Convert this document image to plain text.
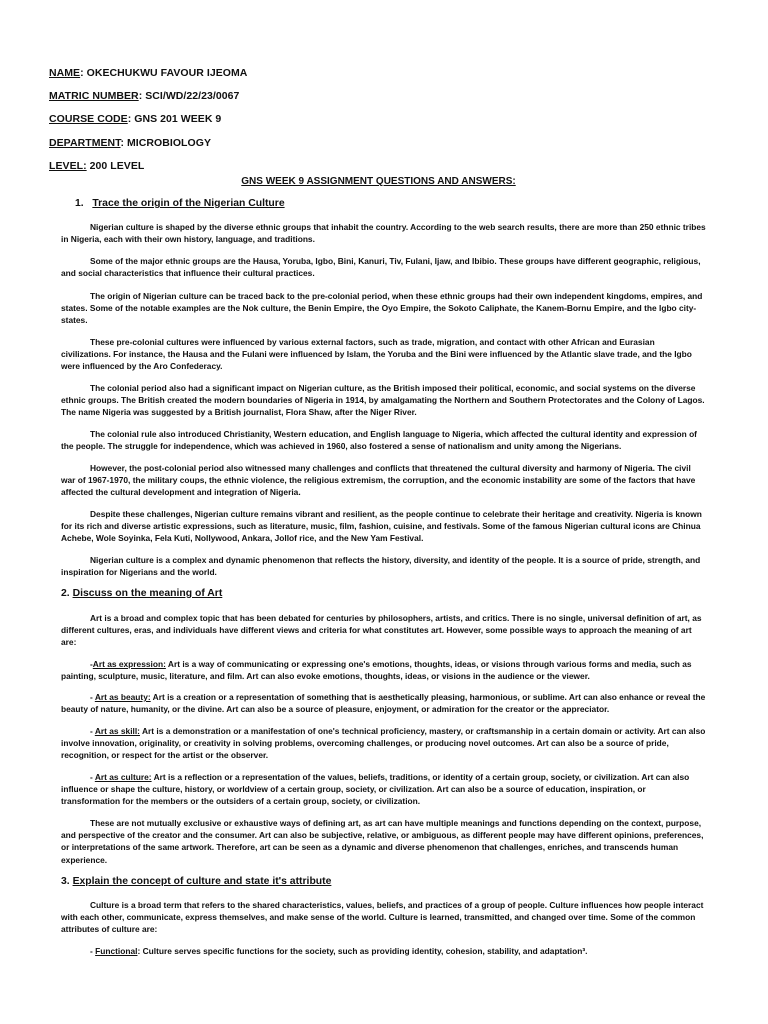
NAME: OKECHUKWU FAVOUR IJEOMA
MATRIC NUMBER: SCI/WD/22/23/0067
COURSE CODE: GNS 201 WEEK 9
DEPARTMENT: MICROBIOLOGY
LEVEL: 200 LEVEL
GNS WEEK 9 ASSIGNMENT QUESTIONS AND ANSWERS:
1. Trace the origin of the Nigerian Culture
Nigerian culture is shaped by the diverse ethnic groups that inhabit the country. According to the web search results, there are more than 250 ethnic tribes in Nigeria, each with their own history, language, and traditions.
Some of the major ethnic groups are the Hausa, Yoruba, Igbo, Bini, Kanuri, Tiv, Fulani, Ijaw, and Ibibio. These groups have different geographic, religious, and social characteristics that influence their cultural practices.
The origin of Nigerian culture can be traced back to the pre-colonial period, when these ethnic groups had their own independent kingdoms, empires, and states. Some of the notable examples are the Nok culture, the Benin Empire, the Oyo Empire, the Sokoto Caliphate, the Kanem-Bornu Empire, and the Igbo city-states.
These pre-colonial cultures were influenced by various external factors, such as trade, migration, and contact with other African and Eurasian civilizations. For instance, the Hausa and the Fulani were influenced by Islam, the Yoruba and the Bini were influenced by the Atlantic slave trade, and the Igbo were influenced by the Aro Confederacy.
The colonial period also had a significant impact on Nigerian culture, as the British imposed their political, economic, and social systems on the diverse ethnic groups. The British created the modern boundaries of Nigeria in 1914, by amalgamating the Northern and Southern Protectorates and the Colony of Lagos. The name Nigeria was suggested by a British journalist, Flora Shaw, after the Niger River.
The colonial rule also introduced Christianity, Western education, and English language to Nigeria, which affected the cultural identity and expression of the people. The struggle for independence, which was achieved in 1960, also fostered a sense of nationalism and unity among the Nigerians.
However, the post-colonial period also witnessed many challenges and conflicts that threatened the cultural diversity and harmony of Nigeria. The civil war of 1967-1970, the military coups, the ethnic violence, the religious extremism, the corruption, and the economic instability are some of the factors that have affected the cultural development and integration of Nigeria.
Despite these challenges, Nigerian culture remains vibrant and resilient, as the people continue to celebrate their heritage and creativity. Nigeria is known for its rich and diverse artistic expressions, such as literature, music, film, fashion, cuisine, and festivals. Some of the famous Nigerian cultural icons are Chinua Achebe, Wole Soyinka, Fela Kuti, Nollywood, Ankara, Jollof rice, and the New Yam Festival.
Nigerian culture is a complex and dynamic phenomenon that reflects the history, diversity, and identity of the people. It is a source of pride, strength, and inspiration for Nigerians and the world.
2. Discuss on the meaning of Art
Art is a broad and complex topic that has been debated for centuries by philosophers, artists, and critics. There is no single, universal definition of art, as different cultures, eras, and individuals have different views and criteria for what constitutes art. However, some possible ways to approach the meaning of art are:
-Art as expression: Art is a way of communicating or expressing one's emotions, thoughts, ideas, or visions through various forms and media, such as painting, sculpture, music, literature, and film. Art can also evoke emotions, thoughts, ideas, or visions in the audience or the viewer.
- Art as beauty: Art is a creation or a representation of something that is aesthetically pleasing, harmonious, or sublime. Art can also enhance or reveal the beauty of nature, humanity, or the divine. Art can also be a source of pleasure, enjoyment, or admiration for the creator or the appreciator.
- Art as skill: Art is a demonstration or a manifestation of one's technical proficiency, mastery, or craftsmanship in a certain domain or activity. Art can also involve innovation, originality, or creativity in solving problems, overcoming challenges, or producing novel outcomes. Art can also be a source of pride, recognition, or respect for the artist or the observer.
- Art as culture: Art is a reflection or a representation of the values, beliefs, traditions, or identity of a certain group, society, or civilization. Art can also influence or shape the culture, history, or worldview of a certain group, society, or civilization. Art can also be a source of education, inspiration, or transformation for the members or the outsiders of a certain group, society, or civilization.
These are not mutually exclusive or exhaustive ways of defining art, as art can have multiple meanings and functions depending on the context, purpose, and perspective of the creator and the consumer. Art can also be subjective, relative, or ambiguous, as different people may have different opinions, preferences, or interpretations of the same artwork. Therefore, art can be seen as a dynamic and diverse phenomenon that challenges, enriches, and transcends human experience.
3. Explain the concept of culture and state it's attribute
Culture is a broad term that refers to the shared characteristics, values, beliefs, and practices of a group of people. Culture influences how people interact with each other, communicate, express themselves, and make sense of the world. Culture is learned, transmitted, and changed over time. Some of the common attributes of culture are:
- Functional: Culture serves specific functions for the society, such as providing identity, cohesion, stability, and adaptation³.
